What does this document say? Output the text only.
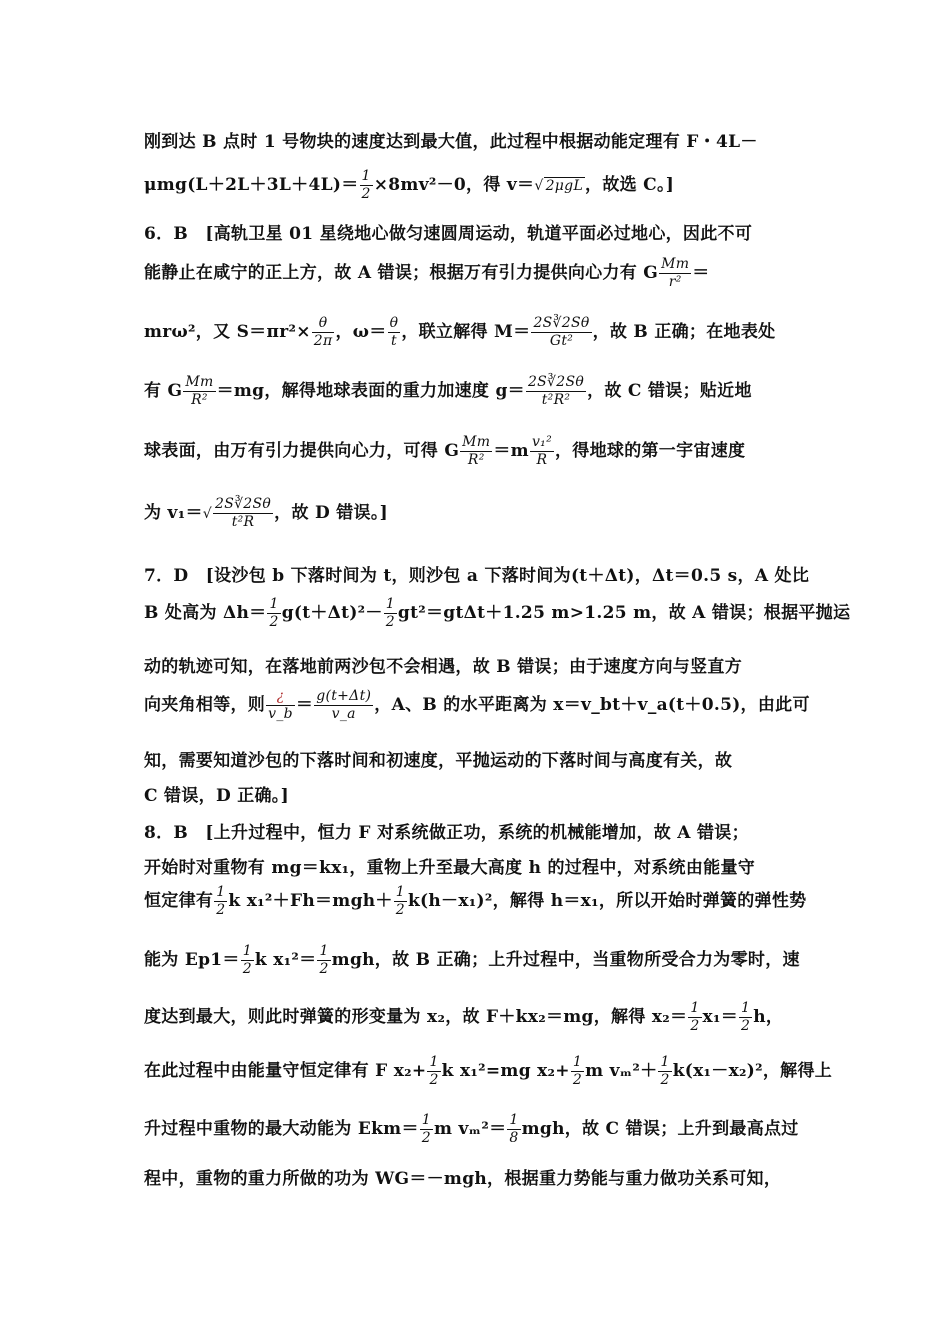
刚到达 B 点时 1 号物块的速度达到最大值，此过程中根据动能定理有 F・4L－
$\mu mg(L+2L+3L+4L)= \frac{1}{2} \times 8mv^2-0$，得 v＝√ 2μgL ，故选 C。]
6．B　[高轨卫星 01 星绕地心做匀速圆周运动，轨道平面必过地心，因此不可
能静止在咸宁的正上方，故 A 错误；根据万有引力提供向心力有 G $\frac{Mm}{\text{r²}}$ ＝
mrω²，又 $S=\pi r^2\times \frac{\theta}{2\pi}$ ，$\omega= \frac{\theta}{t}$ ，联立解得 $M= \frac{2S∛2S\theta}{\text{Gt²}}$ ，故 B 正确；在地表处
有 G $\frac{Mm}{\text{R²}} =mg$，解得地球表面的重力加速度 $g= \frac{2S∛2S\theta}{\text{t²R²}}$ ，故 C 错误；贴近地
球表面，由万有引力提供向心力，可得 G $\frac{Mm}{\text{R²}} =m \frac{\text{v₁²}}{R}$ ，得地球的第一宇宙速度
为 $v_1=√ \frac{2S∛2S\theta}{\text{t²R}}$ ，故 D 错误。]
7．D　[设沙包 b 下落时间为 t，则沙包 a 下落时间为(t＋Δt)，Δt＝0.5 s，A 处比
B 处高为 $\Delta h= \frac{1}{2} g(t+\Delta t)^2- \frac{1}{2} gt^2=gt\Delta t+1.25$ m>1.25 m，故 A 错误；根据平抛运
动的轨迹可知，在落地前两沙包不会相遇，故 B 错误；由于速度方向与竖直方
向夹角相等，则 $\frac{¿}{v\_b} = \frac{g(t+\Delta t)}{v\_a}$ ，A、B 的水平距离为 x＝v_bt＋v_a(t＋0.5)，由此可
知，需要知道沙包的下落时间和初速度，平抛运动的下落时间与高度有关，故
C 错误，D 正确。]
8．B　[上升过程中，恒力 F 对系统做正功，系统的机械能增加，故 A 错误；
开始时对重物有 mg＝kx₁，重物上升至最大高度 h 的过程中，对系统由能量守
恒定律有 $\frac{1}{2}$ k $x_1^2+Fh=mgh+ \frac{1}{2} k(h-x_1)^2$，解得 h＝x₁，所以开始时弹簧的弹性势
能为 $Ep1= \frac{1}{2}$ k $x_1^2= \frac{1}{2}$ mgh，故 B 正确；上升过程中，当重物所受合力为零时，速
度达到最大，则此时弹簧的形变量为 x₂，故 F＋kx₂＝mg，解得 $x_2= \frac{1}{2} x_1= \frac{1}{2}$ h，
在此过程中由能量守恒定律有 F $x_2+ \frac{1}{2}$ k x₁²=mg $x_2+ \frac{1}{2}$ m $v_m^2+ \frac{1}{2} k(x_1-x_2)^2$，解得上
升过程中重物的最大动能为 $Ekm= \frac{1}{2}$ m $v_m^2= \frac{1}{8}$ mgh，故 C 错误；上升到最高点过
程中，重物的重力所做的功为 WG＝－mgh，根据重力势能与重力做功关系可知，
